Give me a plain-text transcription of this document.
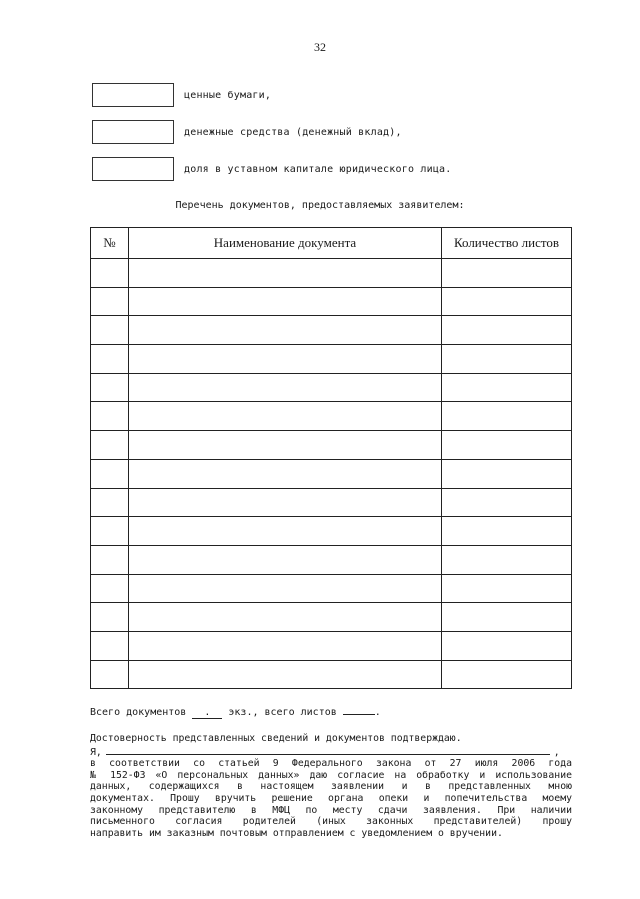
32
ценные бумаги,
денежные средства (денежный вклад),
доля в уставном капитале юридического лица.
Перечень документов, предоставляемых заявителем:
№	Наименование документа	Количество листов

Всего документов . экз., всего листов	.
Достоверность представленных сведений и документов подтверждаю.
Я,	,
в соответствии со статьей 9 Федерального закона от 27 июля 2006 года
№ 152-ФЗ «О персональных данных» даю согласие на обработку и использование
данных, содержащихся в настоящем заявлении и в представленных мною
документах. Прошу вручить решение органа опеки и попечительства моему
законному представителю в МФЦ по месту сдачи заявления. При наличии
письменного согласия родителей (иных законных представителей) прошу
направить им заказным почтовым отправлением с уведомлением о вручении.
